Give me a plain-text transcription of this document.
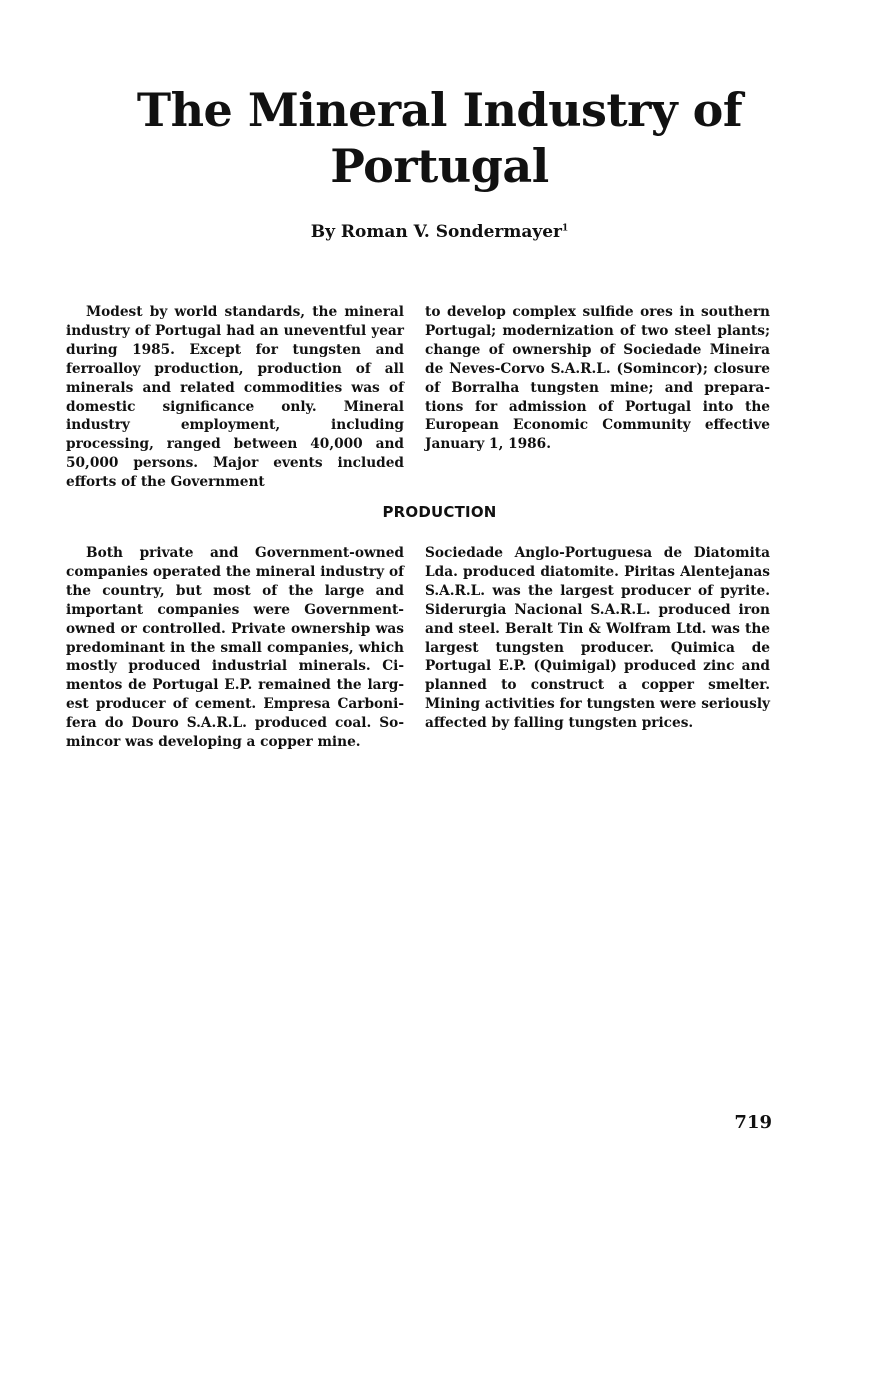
The Mineral Industry of
Portugal
By Roman V. Sondermayer$^1$

Modest by world standards, the mineral industry of Portugal had an uneventful year during 1985. Except for tungsten and ferroalloy production, production of all minerals and related commodities was of domestic significance only. Mineral industry employment, including processing, ranged between 40,000 and 50,000 persons. Major events included efforts of the Government

to develop complex sulfide ores in southern Portugal; modernization of two steel plants; change of ownership of Sociedade Mineira de Neves-Corvo S.A.R.L. (Somincor); closure of Borralha tungsten mine; and preparations for admission of Portugal into the European Economic Community effective January 1, 1986.

PRODUCTION

Both private and Government-owned companies operated the mineral industry of the country, but most of the large and important companies were Government-owned or controlled. Private ownership was predominant in the small companies, which mostly produced industrial minerals. Cimentos de Portugal E.P. remained the largest producer of cement. Empresa Carbonifera do Douro S.A.R.L. produced coal. Somincor was developing a copper mine.

Sociedade Anglo-Portuguesa de Diatomita Lda. produced diatomite. Piritas Alentejanas S.A.R.L. was the largest producer of pyrite. Siderurgia Nacional S.A.R.L. produced iron and steel. Beralt Tin & Wolfram Ltd. was the largest tungsten producer. Quimica de Portugal E.P. (Quimigal) produced zinc and planned to construct a copper smelter. Mining activities for tungsten were seriously affected by falling tungsten prices.

719
